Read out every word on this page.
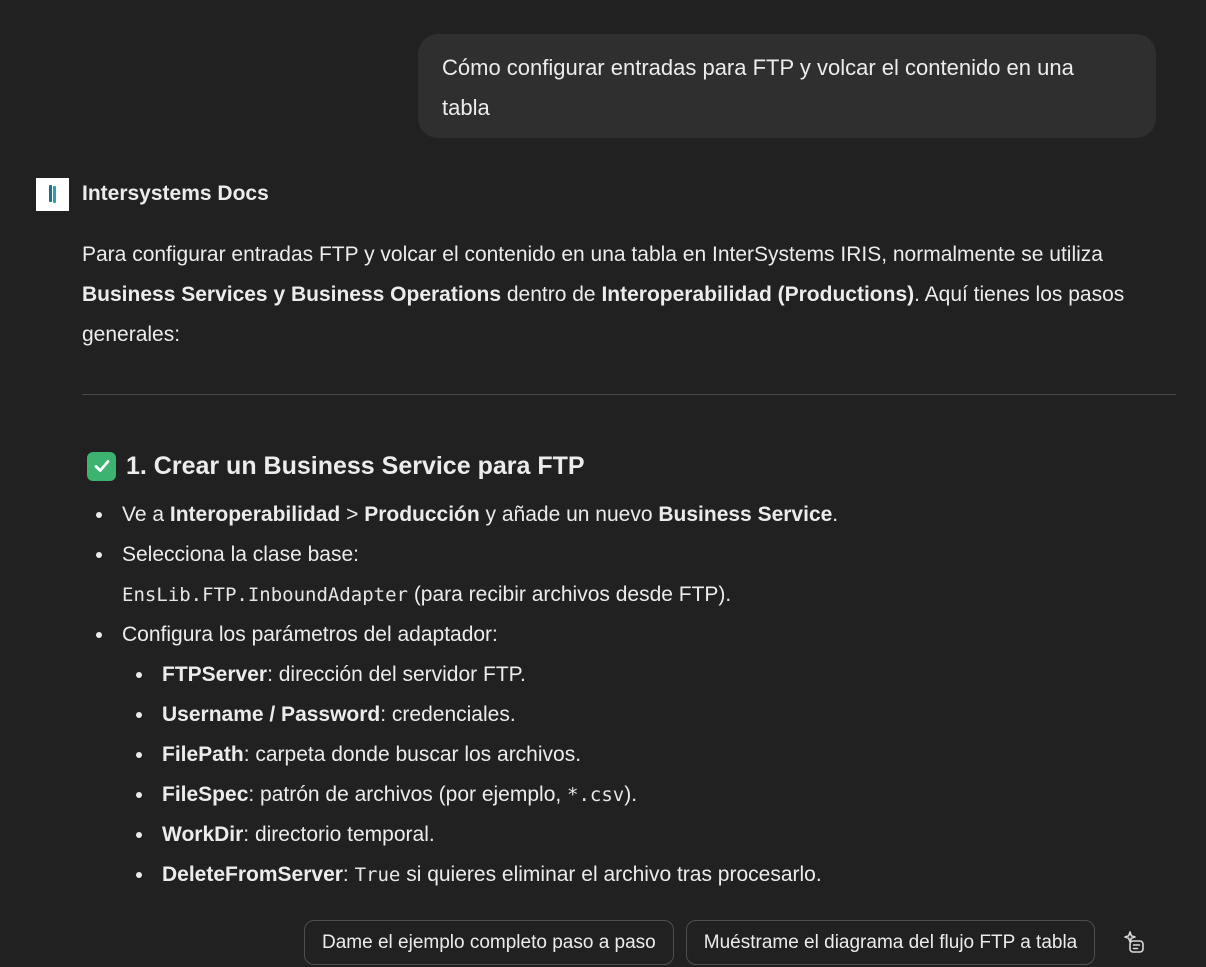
Cómo configurar entradas para FTP y volcar el contenido en una
tabla
Intersystems Docs

Para configurar entradas FTP y volcar el contenido en una tabla en InterSystems IRIS, normalmente se utiliza
Business Services y Business Operations dentro de Interoperabilidad (Productions). Aquí tienes los pasos
generales:

1. Crear un Business Service para FTP
Ve a Interoperabilidad > Producción y añade un nuevo Business Service.
Selecciona la clase base:
EnsLib.FTP.InboundAdapter (para recibir archivos desde FTP).
Configura los parámetros del adaptador:
FTPServer: dirección del servidor FTP.
Username / Password: credenciales.
FilePath: carpeta donde buscar los archivos.
FileSpec: patrón de archivos (por ejemplo, *.csv).
WorkDir: directorio temporal.
DeleteFromServer: True si quieres eliminar el archivo tras procesarlo.
Dame el ejemplo completo paso a paso	Muéstrame el diagrama del flujo FTP a tabla
